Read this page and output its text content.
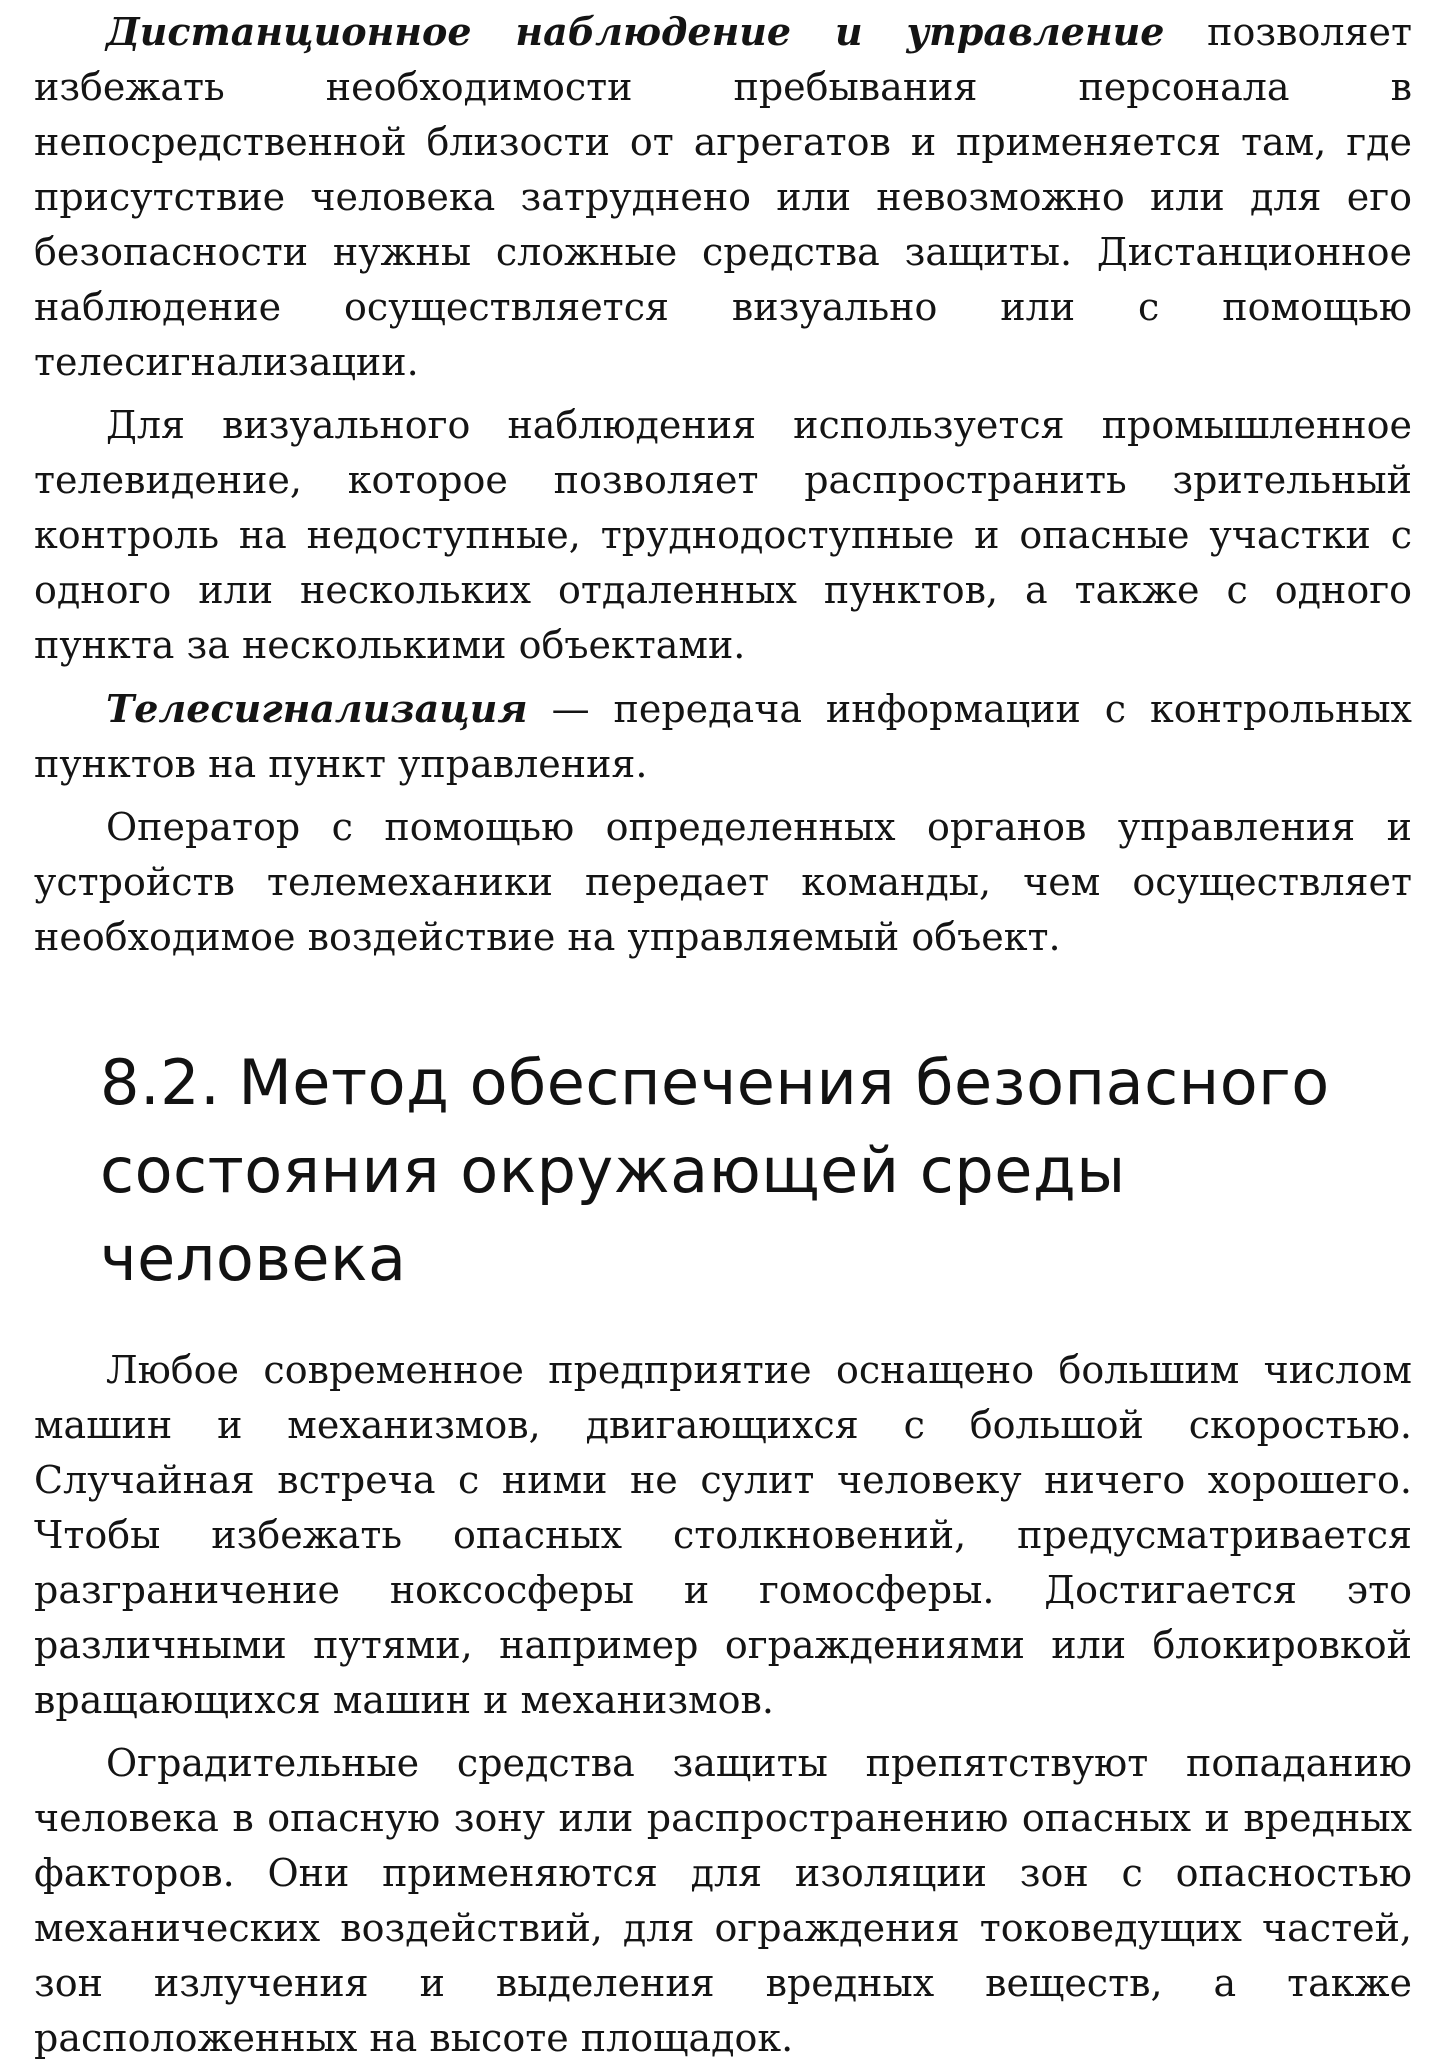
Дистанционное наблюдение и управление позволяет избежать необходимости пребывания персонала в непосредственной близости от агрегатов и применяется там, где присутствие человека затруднено или невозможно или для его безопасности нужны сложные средства защиты. Дистанционное наблюдение осуществляется визуально или с помощью телесигнализации.

Для визуального наблюдения используется промышленное телевидение, которое позволяет распространить зрительный контроль на недоступные, труднодоступные и опасные участки с одного или нескольких отдаленных пунктов, а также с одного пункта за несколькими объектами.

Телесигнализация — передача информации с контрольных пунктов на пункт управления.

Оператор с помощью определенных органов управления и устройств телемеханики передает команды, чем осуществляет необходимое воздействие на управляемый объект.

8.2. Метод обеспечения безопасного состояния окружающей среды человека

Любое современное предприятие оснащено большим числом машин и механизмов, двигающихся с большой скоростью. Случайная встреча с ними не сулит человеку ничего хорошего. Чтобы избежать опасных столкновений, предусматривается разграничение ноксосферы и гомосферы. Достигается это различными путями, например ограждениями или блокировкой вращающихся машин и механизмов.

Оградительные средства защиты препятствуют попаданию человека в опасную зону или распространению опасных и вредных факторов. Они применяются для изоляции зон с опасностью механических воздействий, для ограждения токоведущих частей, зон излучения и выделения вредных веществ, а также расположенных на высоте площадок.
